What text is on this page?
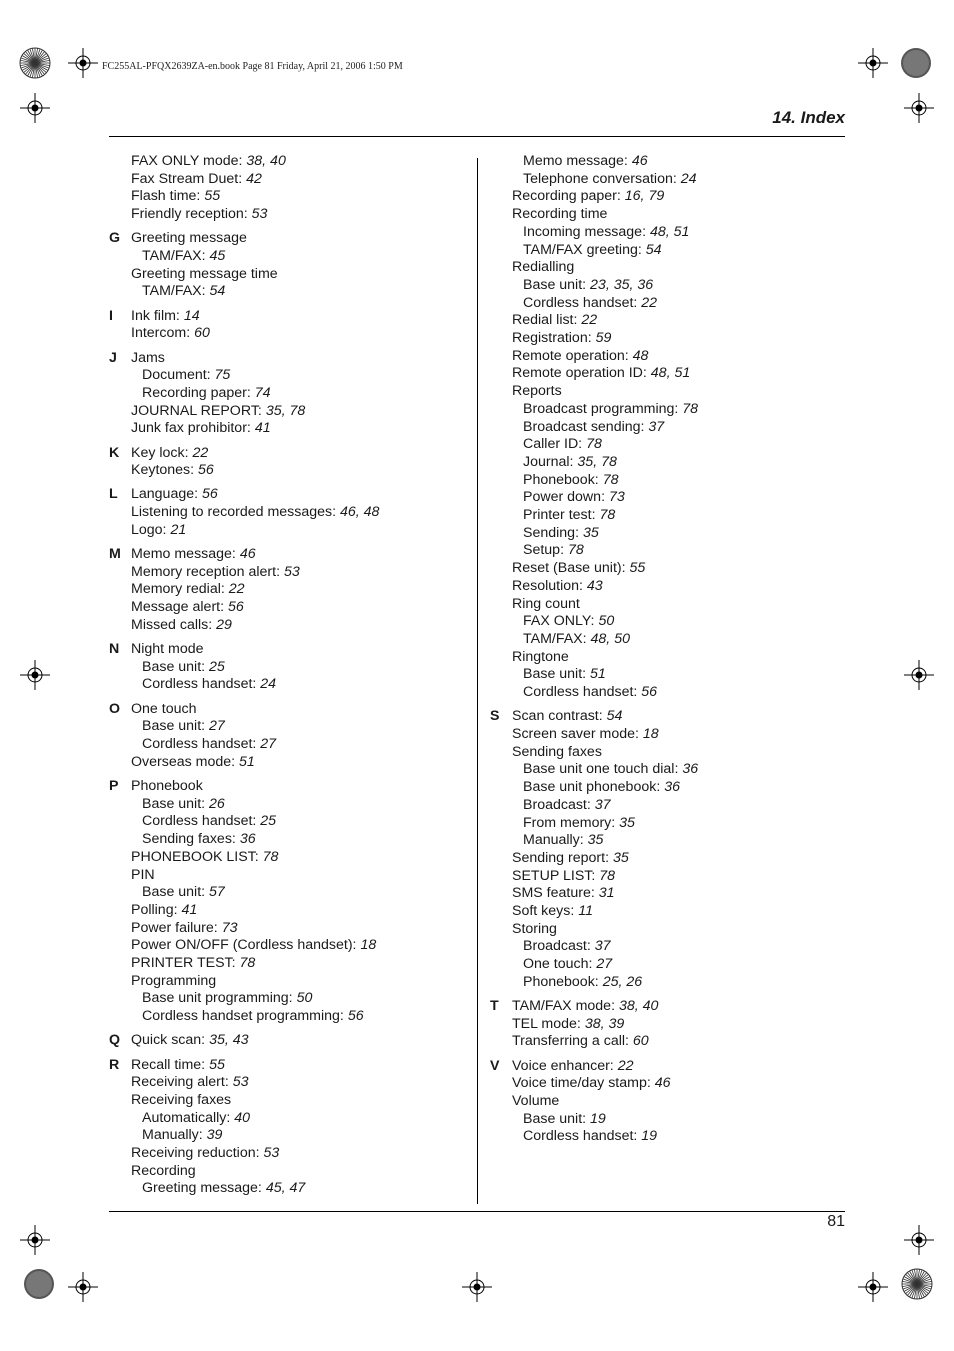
FC255AL-PFQX2639ZA-en.book Page 81 Friday, April 21, 2006 1:50 PM
14. Index
FAX ONLY mode: 38, 40
Fax Stream Duet: 42
Flash time: 55
Friendly reception: 53
G Greeting message
TAM/FAX: 45
Greeting message time
TAM/FAX: 54
I Ink film: 14
Intercom: 60
J Jams
Document: 75
Recording paper: 74
JOURNAL REPORT: 35, 78
Junk fax prohibitor: 41
K Key lock: 22
Keytones: 56
L Language: 56
Listening to recorded messages: 46, 48
Logo: 21
M Memo message: 46
Memory reception alert: 53
Memory redial: 22
Message alert: 56
Missed calls: 29
N Night mode
Base unit: 25
Cordless handset: 24
O One touch
Base unit: 27
Cordless handset: 27
Overseas mode: 51
P Phonebook
Base unit: 26
Cordless handset: 25
Sending faxes: 36
PHONEBOOK LIST: 78
PIN
Base unit: 57
Polling: 41
Power failure: 73
Power ON/OFF (Cordless handset): 18
PRINTER TEST: 78
Programming
Base unit programming: 50
Cordless handset programming: 56
Q Quick scan: 35, 43
R Recall time: 55
Receiving alert: 53
Receiving faxes
Automatically: 40
Manually: 39
Receiving reduction: 53
Recording
Greeting message: 45, 47
Memo message: 46
Telephone conversation: 24
Recording paper: 16, 79
Recording time
Incoming message: 48, 51
TAM/FAX greeting: 54
Redialling
Base unit: 23, 35, 36
Cordless handset: 22
Redial list: 22
Registration: 59
Remote operation: 48
Remote operation ID: 48, 51
Reports
Broadcast programming: 78
Broadcast sending: 37
Caller ID: 78
Journal: 35, 78
Phonebook: 78
Power down: 73
Printer test: 78
Sending: 35
Setup: 78
Reset (Base unit): 55
Resolution: 43
Ring count
FAX ONLY: 50
TAM/FAX: 48, 50
Ringtone
Base unit: 51
Cordless handset: 56
S Scan contrast: 54
Screen saver mode: 18
Sending faxes
Base unit one touch dial: 36
Base unit phonebook: 36
Broadcast: 37
From memory: 35
Manually: 35
Sending report: 35
SETUP LIST: 78
SMS feature: 31
Soft keys: 11
Storing
Broadcast: 37
One touch: 27
Phonebook: 25, 26
T TAM/FAX mode: 38, 40
TEL mode: 38, 39
Transferring a call: 60
V Voice enhancer: 22
Voice time/day stamp: 46
Volume
Base unit: 19
Cordless handset: 19
81
